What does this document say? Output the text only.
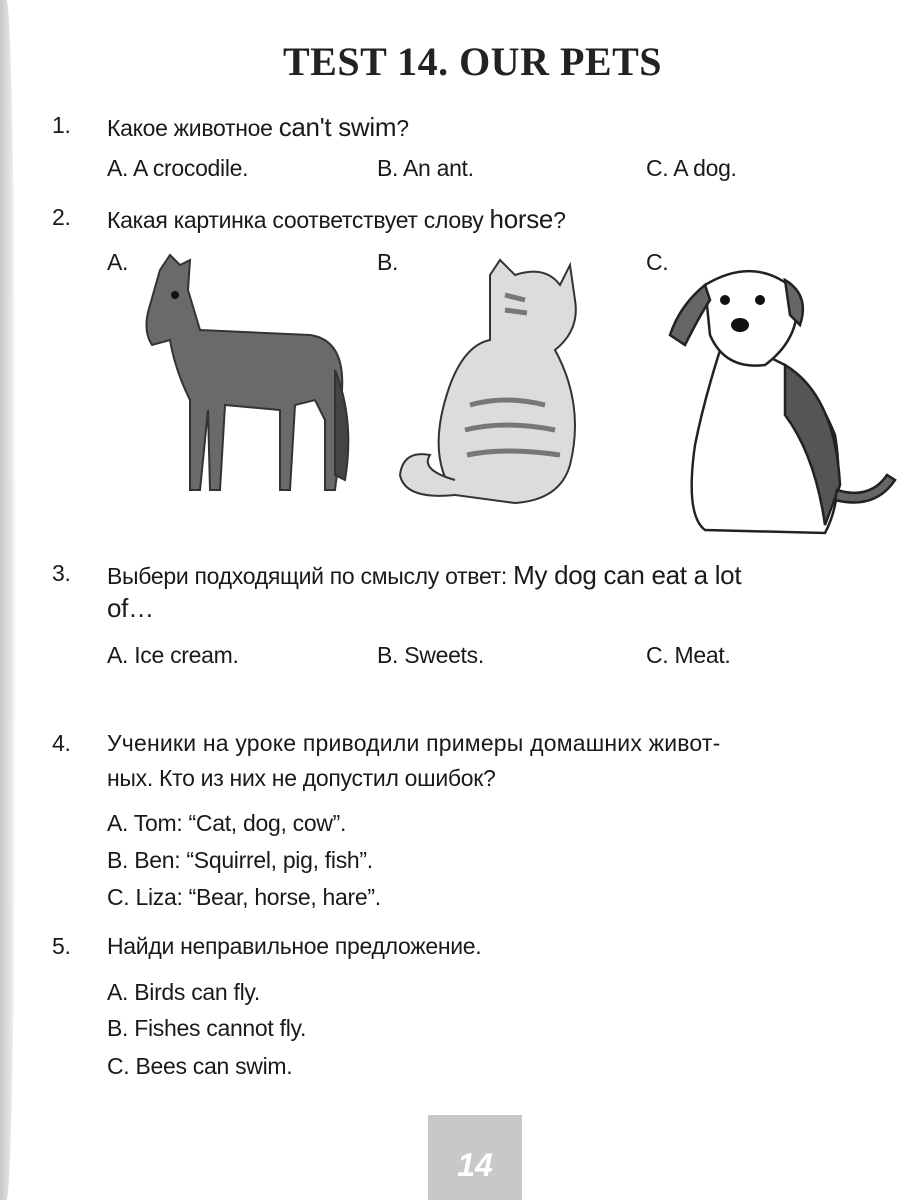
TEST 14. OUR PETS
1. Какое животное can't swim?
A. A crocodile.	B. An ant.	C. A dog.
2. Какая картинка соответствует слову horse?
A.	B.	C.
3. Выбери подходящий по смыслу ответ: My dog can eat a lot
of…
A. Ice cream.	B. Sweets.	C. Meat.
4. Ученики на уроке приводили примеры домашних живот-
ных. Кто из них не допустил ошибок?
A. Tom: “Cat, dog, cow”.
B. Ben: “Squirrel, pig, fish”.
C. Liza: “Bear, horse, hare”.
5. Найди неправильное предложение.
A. Birds can fly.
B. Fishes cannot fly.
C. Bees can swim.
14
